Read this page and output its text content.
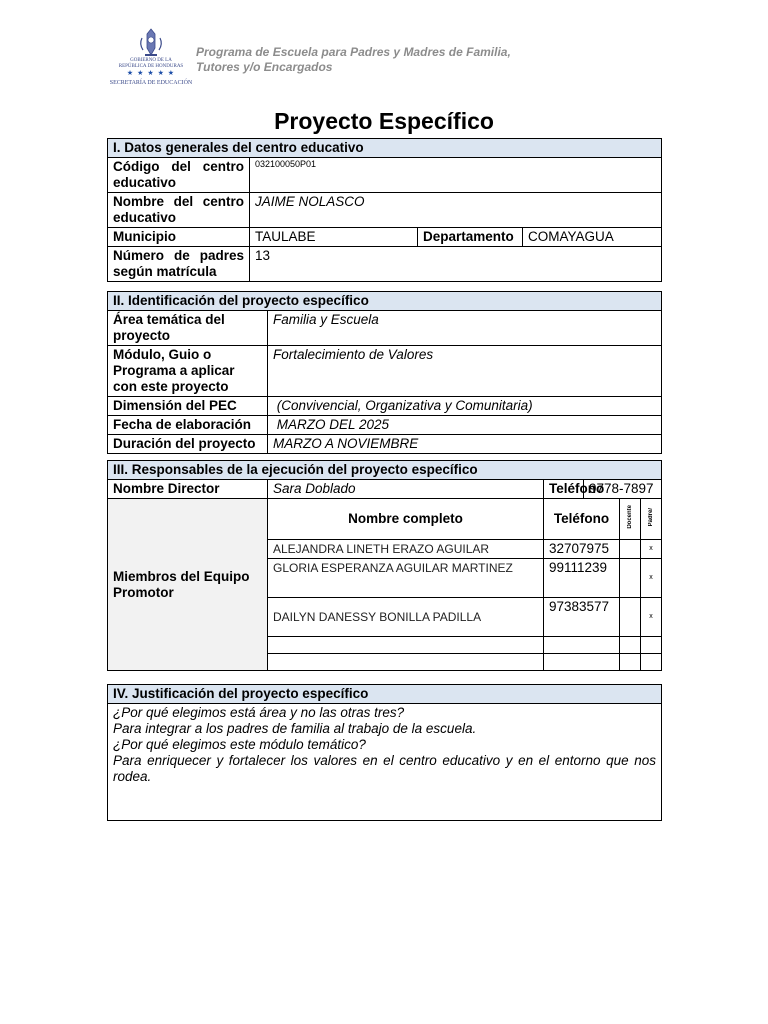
GOBIERNO DE LA
REPÚBLICA DE HONDURAS
★ ★ ★ ★ ★
SECRETARÍA DE EDUCACIÓN
Programa de Escuela para Padres y Madres de Familia,
Tutores y/o Encargados
Proyecto Específico
I. Datos generales del centro educativo			
Código del centro educativo	032100050P01		
Nombre del centro educativo	JAIME NOLASCO		
Municipio	TAULABE	Departamento	COMAYAGUA
Número de padres según matrícula	13		
II. Identificación del proyecto específico	
Área temática del proyecto	Familia y Escuela
Módulo, Guio o Programa a aplicar con este proyecto	Fortalecimiento de Valores
Dimensión del PEC	(Convivencial, Organizativa y Comunitaria)
Fecha de elaboración	MARZO DEL 2025
Duración del proyecto	MARZO A NOVIEMBRE
III. Responsables de la ejecución del proyecto específico					
Nombre Director	Sara Doblado	Teléfono	9778-7897		
Miembros del Equipo Promotor	Nombre completo	Teléfono		Docente	Padre/
	ALEJANDRA LINETH ERAZO AGUILAR	32707975			x
	GLORIA ESPERANZA AGUILAR MARTINEZ	99111239			x
	DAILYN DANESSY BONILLA PADILLA	97383577			x

IV. Justificación del proyecto específico

¿Por qué elegimos está área y no las otras tres?
Para integrar a los padres de familia al trabajo de la escuela.
¿Por qué elegimos este módulo temático?
Para enriquecer y fortalecer los valores en el centro educativo y en el entorno que nos rodea.
